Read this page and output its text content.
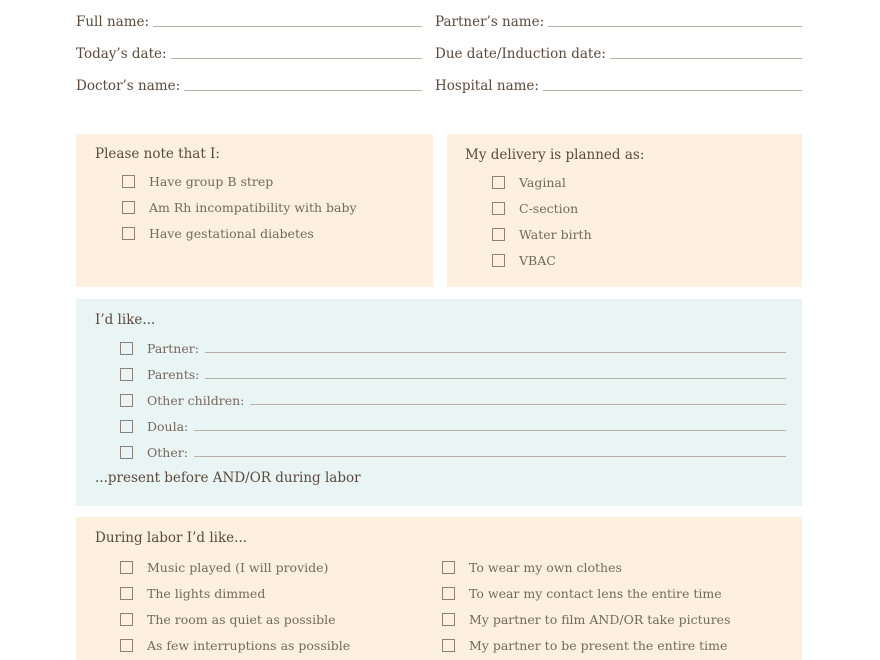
Full name:	Partner’s name:
Today’s date:	Due date/Induction date:
Doctor’s name:	Hospital name:
Please note that I:
Have group B strep
Am Rh incompatibility with baby
Have gestational diabetes
My delivery is planned as:
Vaginal
C-section
Water birth
VBAC
I’d like...
Partner:
Parents:
Other children:
Doula:
Other:
...present before AND/OR during labor
During labor I’d like...
Music played (I will provide)
The lights dimmed
The room as quiet as possible
As few interruptions as possible
To wear my own clothes
To wear my contact lens the entire time
My partner to film AND/OR take pictures
My partner to be present the entire time
